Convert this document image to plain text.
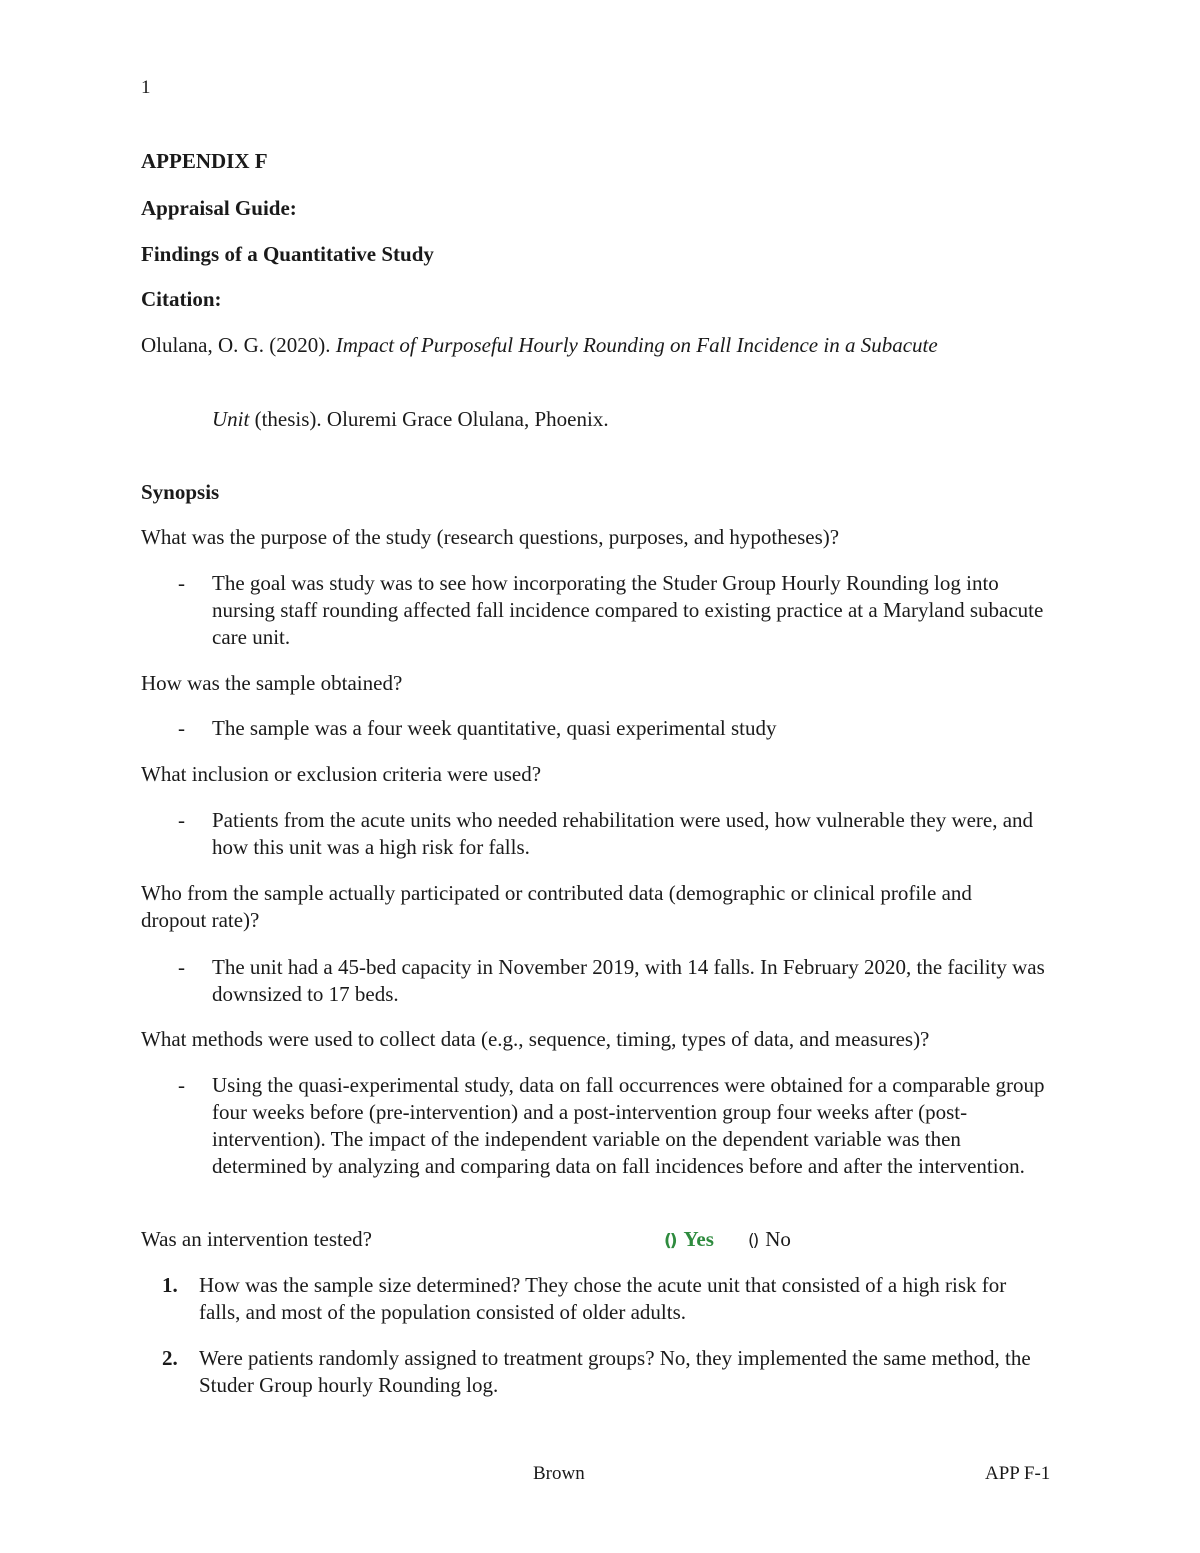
1
APPENDIX F
Appraisal Guide:
Findings of a Quantitative Study
Citation:
Olulana, O. G. (2020). Impact of Purposeful Hourly Rounding on Fall Incidence in a Subacute
Unit (thesis). Oluremi Grace Olulana, Phoenix.
Synopsis
What was the purpose of the study (research questions, purposes, and hypotheses)?
-	The goal was study was to see how incorporating the Studer Group Hourly Rounding log into nursing staff rounding affected fall incidence compared to existing practice at a Maryland subacute care unit.
How was the sample obtained?
-	The sample was a four week quantitative, quasi experimental study
What inclusion or exclusion criteria were used?
-	Patients from the acute units who needed rehabilitation were used, how vulnerable they were, and how this unit was a high risk for falls.
Who from the sample actually participated or contributed data (demographic or clinical profile and dropout rate)?
-	The unit had a 45-bed capacity in November 2019, with 14 falls. In February 2020, the facility was downsized to 17 beds.
What methods were used to collect data (e.g., sequence, timing, types of data, and measures)?
-	Using the quasi-experimental study, data on fall occurrences were obtained for a comparable group four weeks before (pre-intervention) and a post-intervention group four weeks after (post-intervention). The impact of the independent variable on the dependent variable was then determined by analyzing and comparing data on fall incidences before and after the intervention.
Was an intervention tested?	() Yes () No
1.	How was the sample size determined? They chose the acute unit that consisted of a high risk for falls, and most of the population consisted of older adults.
2.	Were patients randomly assigned to treatment groups? No, they implemented the same method, the Studer Group hourly Rounding log.
Brown	APP F-1
